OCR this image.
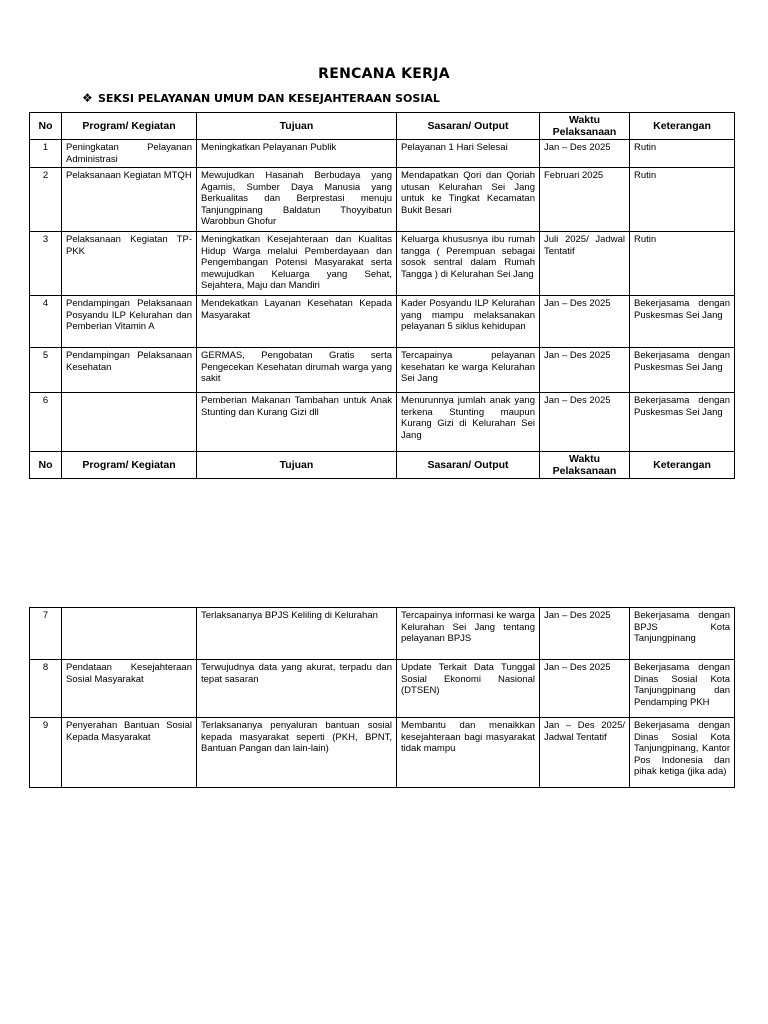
RENCANA KERJA
❖ SEKSI PELAYANAN UMUM DAN KESEJAHTERAAN SOSIAL
No	Program/ Kegiatan	Tujuan	Sasaran/ Output	Waktu Pelaksanaan	Keterangan
1	Peningkatan Pelayanan Administrasi	Meningkatkan Pelayanan Publik	Pelayanan 1 Hari Selesai	Jan – Des 2025	Rutin
2	Pelaksanaan Kegiatan MTQH	Mewujudkan Hasanah Berbudaya yang Agamis, Sumber Daya Manusia yang Berkualitas dan Berprestasi menuju Tanjungpinang Baldatun Thoyyibatun Warobbun Ghofur	Mendapatkan Qori dan Qoriah utusan Kelurahan Sei Jang untuk ke Tingkat Kecamatan Bukit Besari	Februari 2025	Rutin
3	Pelaksanaan Kegiatan TP-PKK	Meningkatkan Kesejahteraan dan Kualitas Hidup Warga melalui Pemberdayaan dan Pengembangan Potensi Masyarakat serta mewujudkan Keluarga yang Sehat, Sejahtera, Maju dan Mandiri	Keluarga khususnya ibu rumah tangga ( Perempuan sebagai sosok sentral dalam Rumah Tangga ) di Kelurahan Sei Jang	Juli 2025/ Jadwal Tentatif	Rutin
4	Pendampingan Pelaksanaan Posyandu ILP Kelurahan dan Pemberian Vitamin A	Mendekatkan Layanan Kesehatan Kepada Masyarakat	Kader Posyandu ILP Kelurahan yang mampu melaksanakan pelayanan 5 siklus kehidupan	Jan – Des 2025	Bekerjasama dengan Puskesmas Sei Jang
5	Pendampingan Pelaksanaan Kesehatan	GERMAS, Pengobatan Gratis serta Pengecekan Kesehatan dirumah warga yang sakit	Tercapainya pelayanan kesehatan ke warga Kelurahan Sei Jang	Jan – Des 2025	Bekerjasama dengan Puskesmas Sei Jang
6		Pemberian Makanan Tambahan untuk Anak Stunting dan Kurang Gizi dll	Menurunnya jumlah anak yang terkena Stunting maupun Kurang Gizi di Kelurahan Sei Jang	Jan – Des 2025	Bekerjasama dengan Puskesmas Sei Jang
No	Program/ Kegiatan	Tujuan	Sasaran/ Output	Waktu Pelaksanaan	Keterangan
7		Terlaksananya BPJS Keliling di Kelurahan	Tercapainya informasi ke warga Kelurahan Sei Jang tentang pelayanan BPJS	Jan – Des 2025	Bekerjasama dengan BPJS Kota Tanjungpinang
8	Pendataan Kesejahteraan Sosial Masyarakat	Terwujudnya data yang akurat, terpadu dan tepat sasaran	Update Terkait Data Tunggal Sosial Ekonomi Nasional (DTSEN)	Jan – Des 2025	Bekerjasama dengan Dinas Sosial Kota Tanjungpinang dan Pendamping PKH
9	Penyerahan Bantuan Sosial Kepada Masyarakat	Terlaksananya penyaluran bantuan sosial kepada masyarakat seperti (PKH, BPNT, Bantuan Pangan dan lain-lain)	Membantu dan menaikkan kesejahteraan bagi masyarakat tidak mampu	Jan – Des 2025/ Jadwal Tentatif	Bekerjasama dengan Dinas Sosial Kota Tanjungpinang, Kantor Pos Indonesia dan pihak ketiga (jika ada)
